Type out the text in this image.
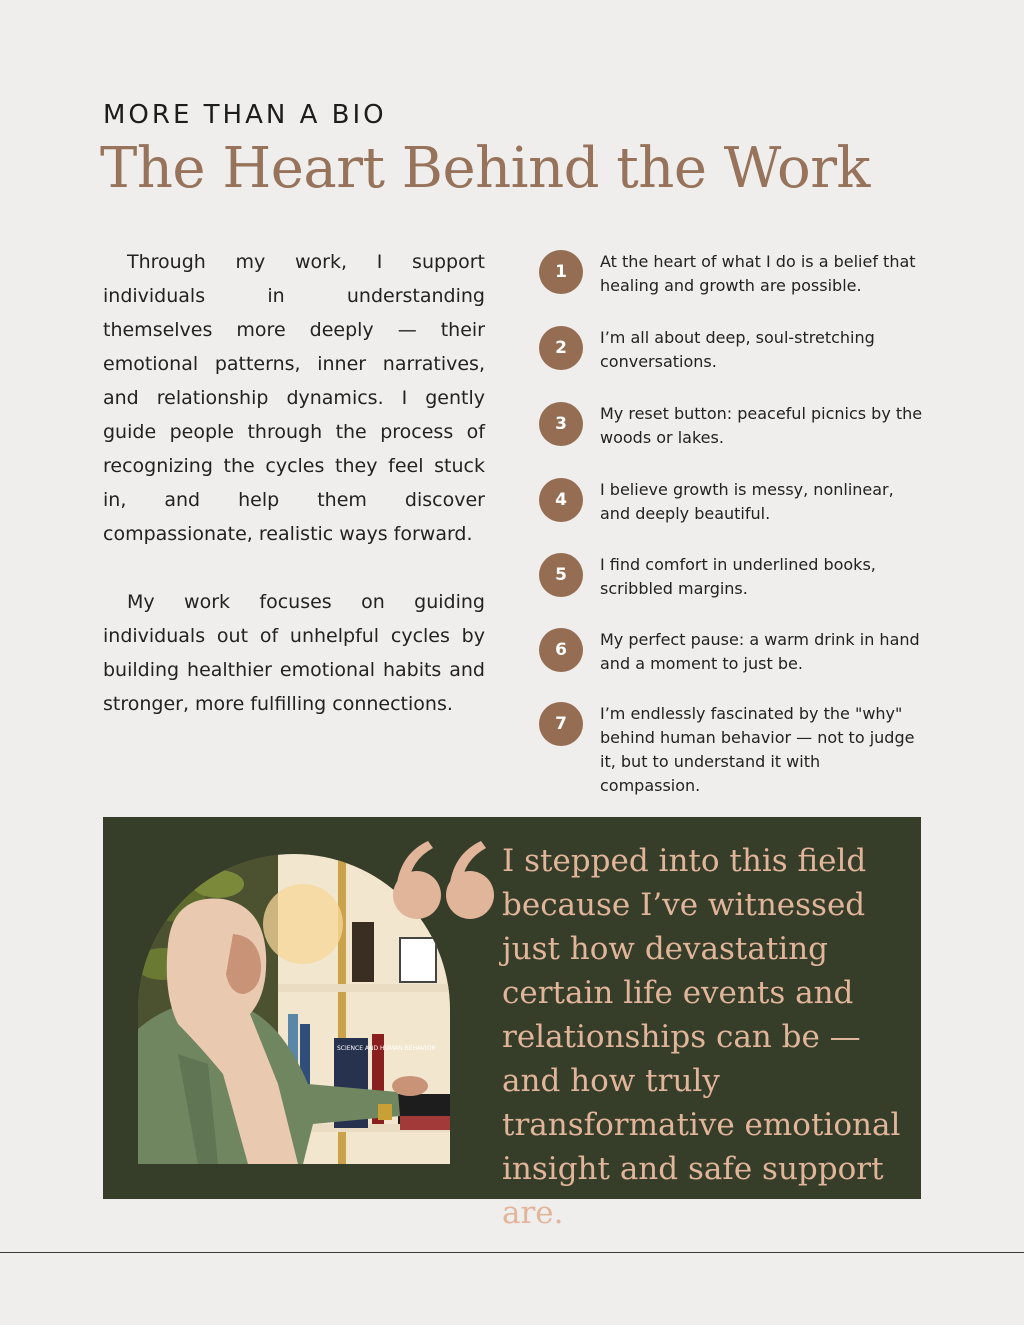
MORE THAN A BIO
The Heart Behind the Work

Through my work, I support individuals in understanding themselves more deeply — their emotional patterns, inner narratives, and relationship dynamics. I gently guide people through the process of recognizing the cycles they feel stuck in, and help them discover compassionate, realistic ways forward.

My work focuses on guiding individuals out of unhelpful cycles by building healthier emotional habits and stronger, more fulfilling connections.

1
At the heart of what I do is a belief that healing and growth are possible.
2
I’m all about deep, soul-stretching conversations.
3
My reset button: peaceful picnics by the woods or lakes.
4
I believe growth is messy, nonlinear, and deeply beautiful.
5
I find comfort in underlined books, scribbled margins.
6
My perfect pause: a warm drink in hand and a moment to just be.
7
I’m endlessly fascinated by the "why" behind human behavior — not to judge it, but to understand it with compassion.
SCIENCE AND HUMAN BEHAVIOR
I stepped into this field because I’ve witnessed just how devastating certain life events and relationships can be — and how truly transformative emotional insight and safe support are.
